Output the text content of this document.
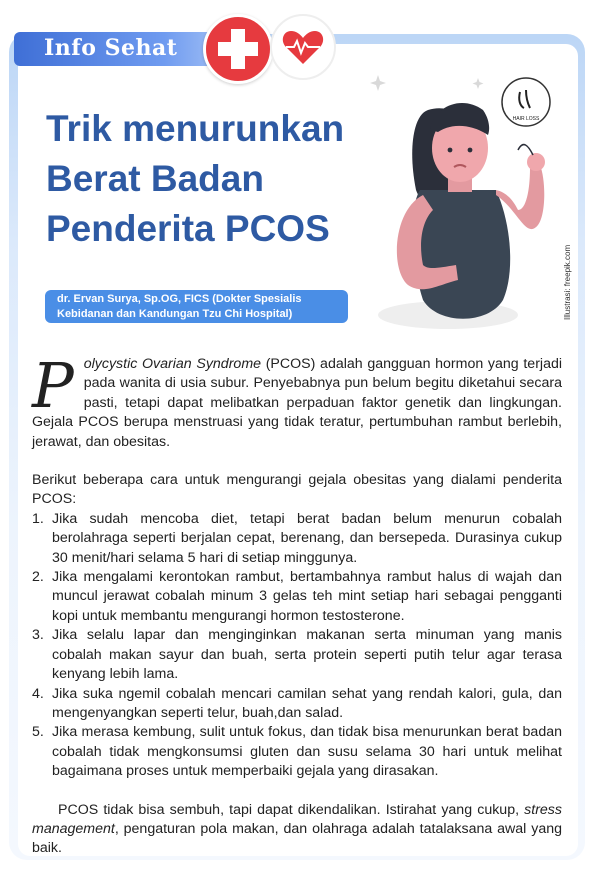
Info Sehat
Trik menurunkan
Berat Badan
Penderita PCOS
dr. Ervan Surya, Sp.OG, FICS (Dokter Spesialis
Kebidanan dan Kandungan Tzu Chi Hospital)
HAIR LOSS
Illustrasi: freepik.com

Polycystic Ovarian Syndrome (PCOS) adalah gangguan hormon yang terjadi pada wanita di usia subur. Penyebabnya pun belum begitu diketahui secara pasti, tetapi dapat melibatkan perpaduan faktor genetik dan lingkungan. Gejala PCOS berupa menstruasi yang tidak teratur, pertumbuhan rambut berlebih, jerawat, dan obesitas.

Berikut beberapa cara untuk mengurangi gejala obesitas yang dialami penderita PCOS:

1. Jika sudah mencoba diet, tetapi berat badan belum menurun cobalah berolahraga seperti berjalan cepat, berenang, dan bersepeda. Durasinya cukup 30 menit/hari selama 5 hari di setiap minggunya.
2. Jika mengalami kerontokan rambut, bertambahnya rambut halus di wajah dan muncul jerawat cobalah minum 3 gelas teh mint setiap hari sebagai pengganti kopi untuk membantu mengurangi hormon testosterone.
3. Jika selalu lapar dan menginginkan makanan serta minuman yang manis cobalah makan sayur dan buah, serta protein seperti putih telur agar terasa kenyang lebih lama.
4. Jika suka ngemil cobalah mencari camilan sehat yang rendah kalori, gula, dan mengenyangkan seperti telur, buah,dan salad.
5. Jika merasa kembung, sulit untuk fokus, dan tidak bisa menurunkan berat badan cobalah tidak mengkonsumsi gluten dan susu selama 30 hari untuk melihat bagaimana proses untuk memperbaiki gejala yang dirasakan.

PCOS tidak bisa sembuh, tapi dapat dikendalikan. Istirahat yang cukup, stress management, pengaturan pola makan, dan olahraga adalah tatalaksana awal yang baik.
